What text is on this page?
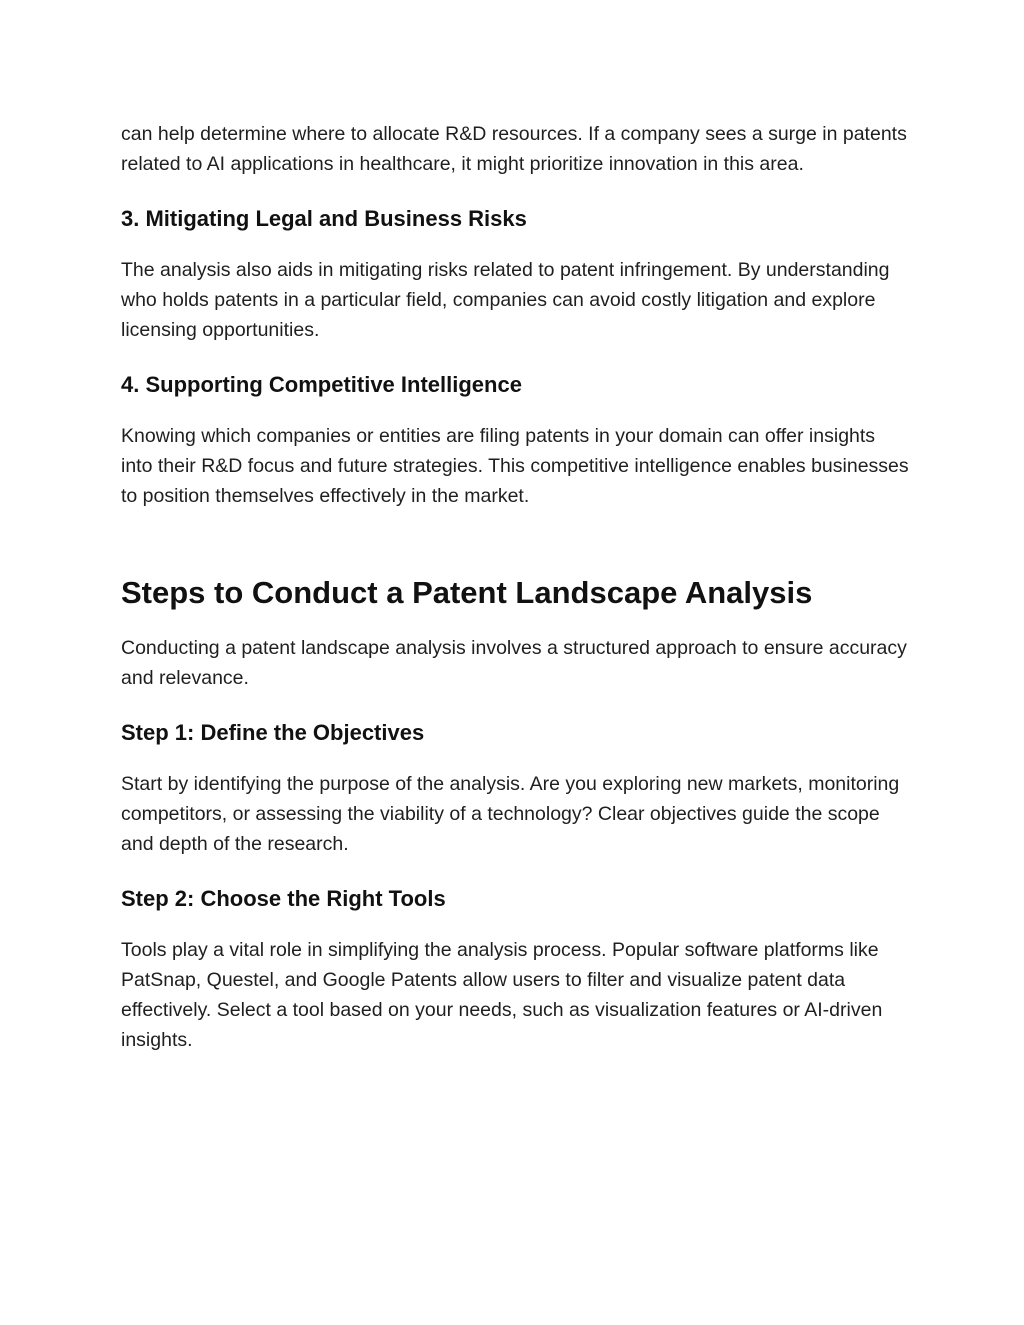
can help determine where to allocate R&D resources. If a company sees a surge in patents related to AI applications in healthcare, it might prioritize innovation in this area.

3. Mitigating Legal and Business Risks

The analysis also aids in mitigating risks related to patent infringement. By understanding who holds patents in a particular field, companies can avoid costly litigation and explore licensing opportunities.

4. Supporting Competitive Intelligence

Knowing which companies or entities are filing patents in your domain can offer insights into their R&D focus and future strategies. This competitive intelligence enables businesses to position themselves effectively in the market.

Steps to Conduct a Patent Landscape Analysis

Conducting a patent landscape analysis involves a structured approach to ensure accuracy and relevance.

Step 1: Define the Objectives

Start by identifying the purpose of the analysis. Are you exploring new markets, monitoring competitors, or assessing the viability of a technology? Clear objectives guide the scope and depth of the research.

Step 2: Choose the Right Tools

Tools play a vital role in simplifying the analysis process. Popular software platforms like PatSnap, Questel, and Google Patents allow users to filter and visualize patent data effectively. Select a tool based on your needs, such as visualization features or AI-driven insights.
